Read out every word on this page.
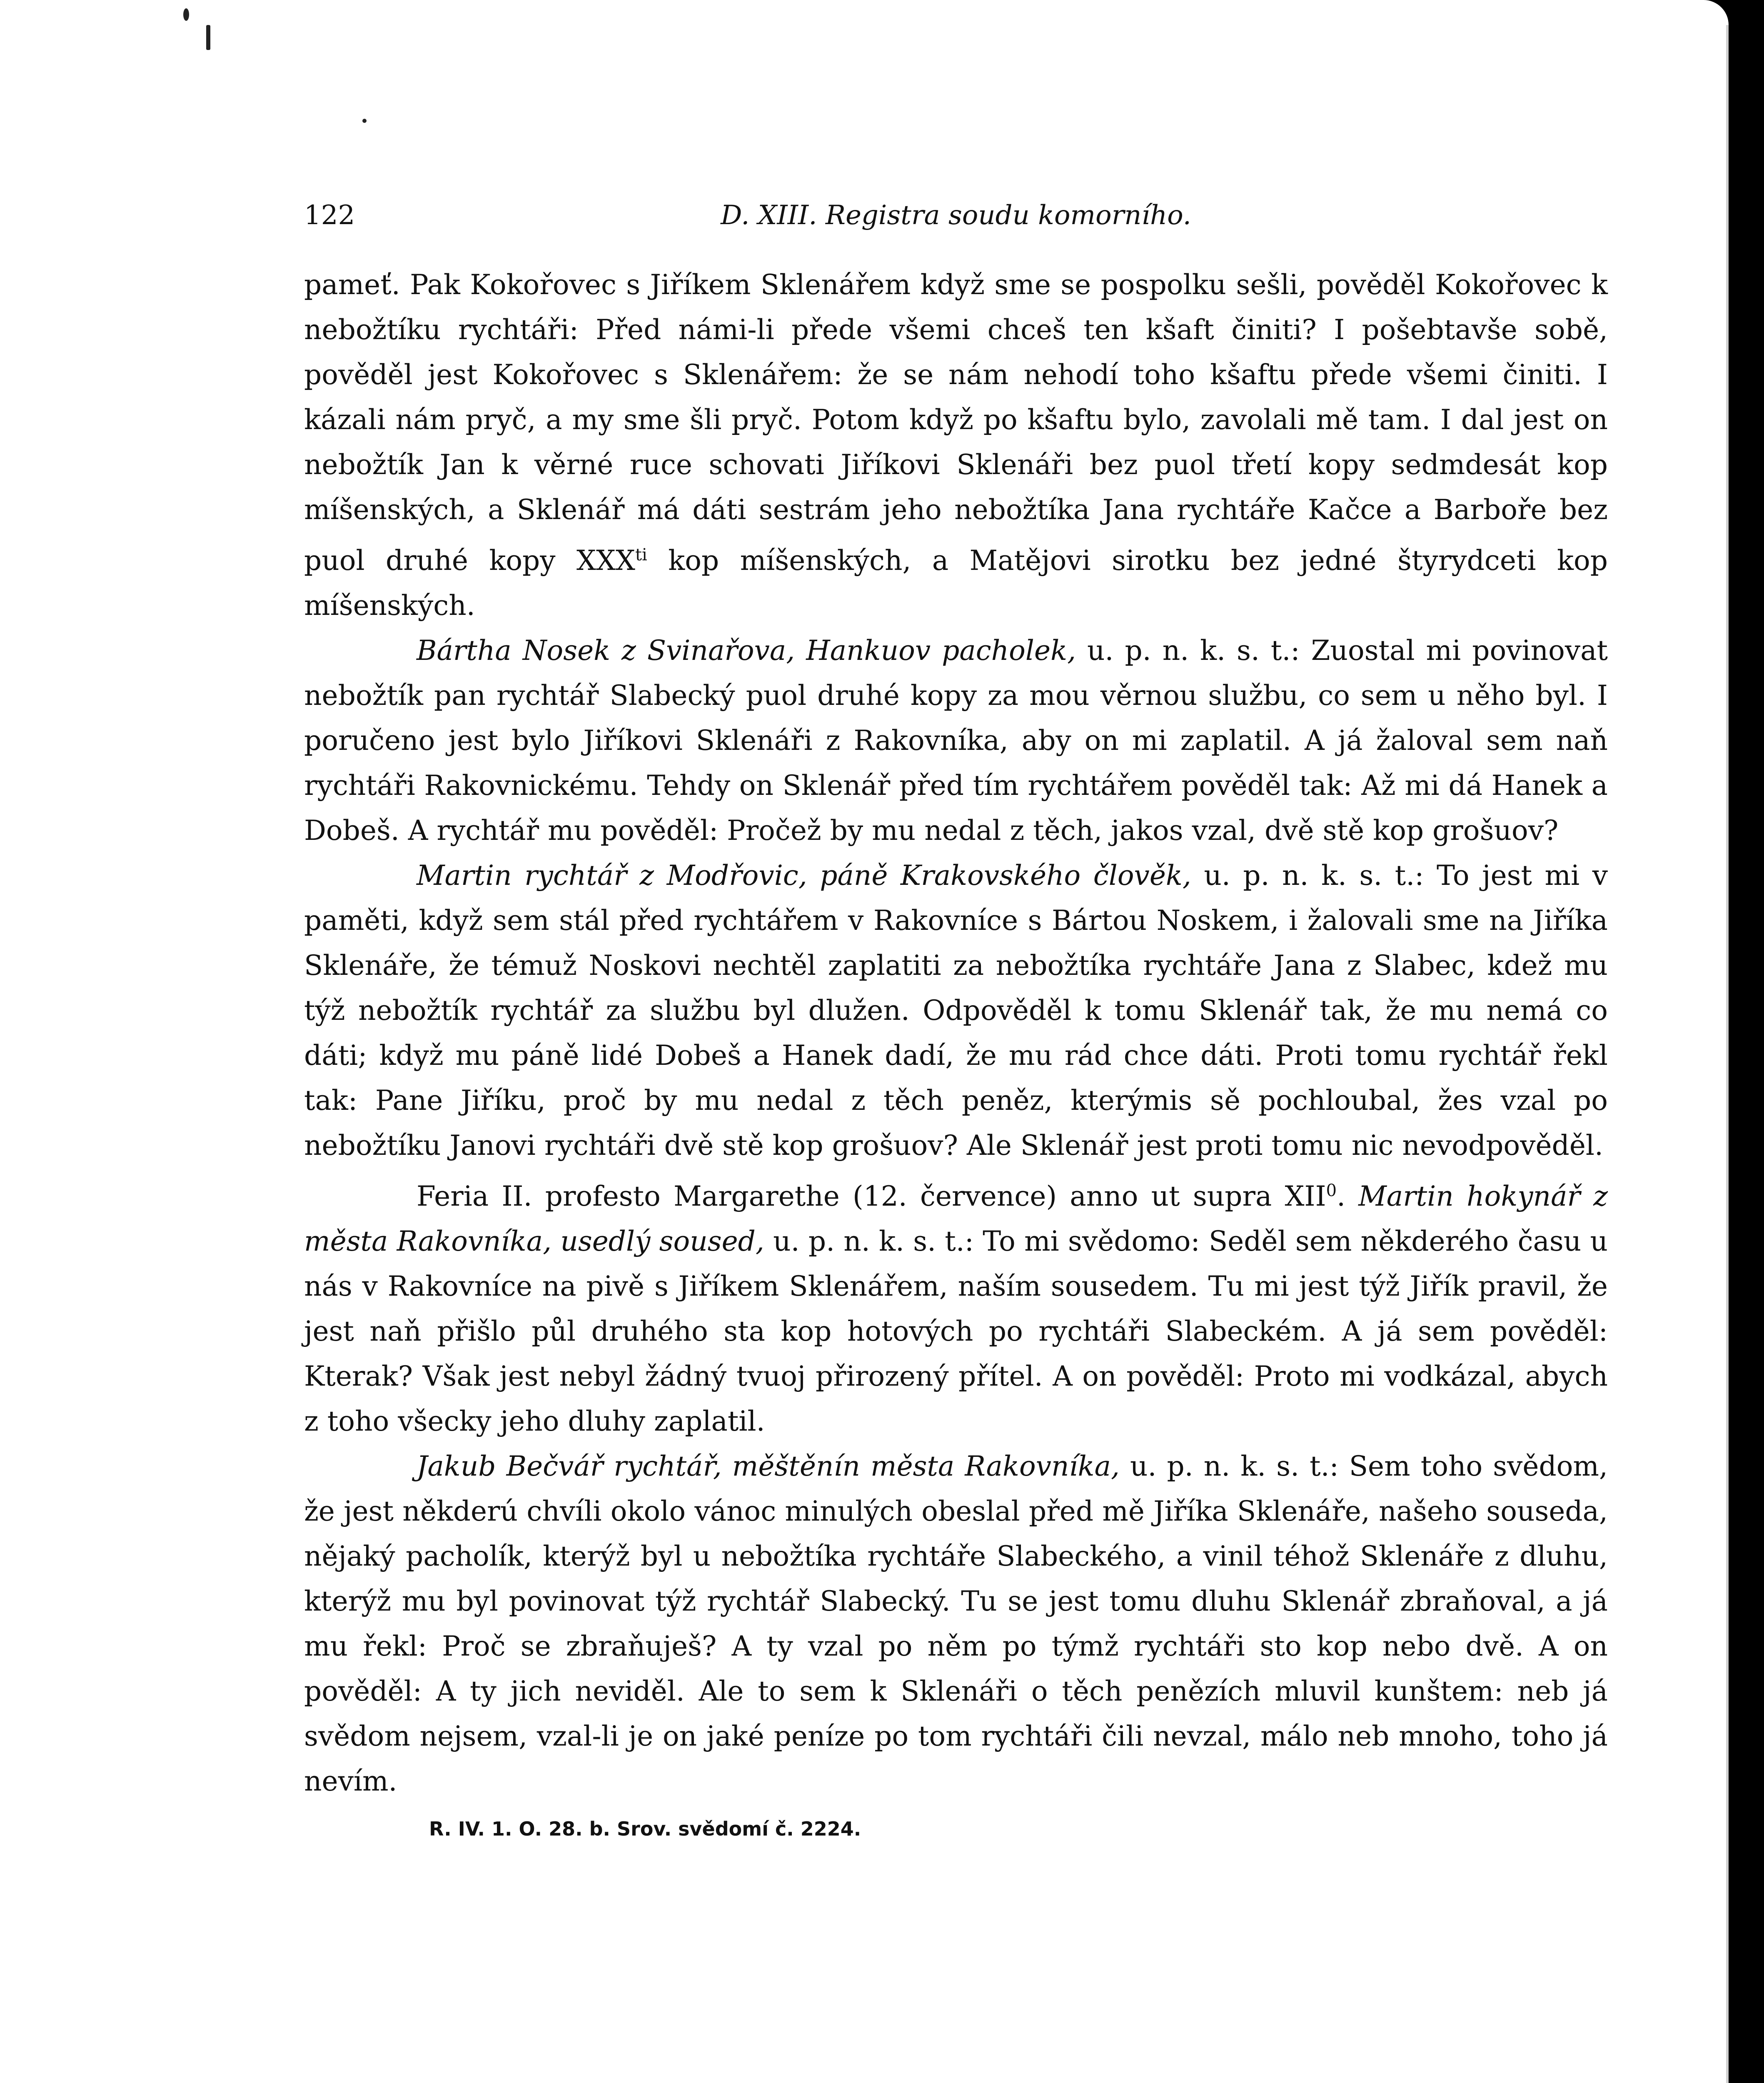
122	D. XIII. Registra soudu komorního.

pameť. Pak Kokořovec s Jiříkem Sklenářem když sme se pospolku sešli, pověděl Kokořovec k nebožtíku rychtáři: Před námi-li přede všemi chceš ten kšaft činiti? I pošebtavše sobě, pověděl jest Kokořovec s Sklenářem: že se nám nehodí toho kšaftu přede všemi činiti. I kázali nám pryč, a my sme šli pryč. Potom když po kšaftu bylo, zavolali mě tam. I dal jest on nebožtík Jan k věrné ruce schovati Jiříkovi Sklenáři bez puol třetí kopy sedmdesát kop míšenských, a Sklenář má dáti sestrám jeho nebožtíka Jana rychtáře Kačce a Barboře bez puol druhé kopy $XXX^{ti}$ kop míšenských, a Matějovi sirotku bez jedné štyrydceti kop míšenských.

Bártha Nosek z Svinařova, Hankuov pacholek, u. p. n. k. s. t.: Zuostal mi povinovat nebožtík pan rychtář Slabecký puol druhé kopy za mou věrnou službu, co sem u něho byl. I poručeno jest bylo Jiříkovi Sklenáři z Rakovníka, aby on mi zaplatil. A já žaloval sem naň rychtáři Rakovnickému. Tehdy on Sklenář před tím rychtářem pověděl tak: Až mi dá Hanek a Dobeš. A rychtář mu pověděl: Pročež by mu nedal z těch, jakos vzal, dvě stě kop grošuov?

Martin rychtář z Modřovic, páně Krakovského člověk, u. p. n. k. s. t.: To jest mi v paměti, když sem stál před rychtářem v Rakovníce s Bártou Noskem, i žalovali sme na Jiříka Sklenáře, že témuž Noskovi nechtěl zaplatiti za nebožtíka rychtáře Jana z Slabec, kdež mu týž nebožtík rychtář za službu byl dlužen. Odpověděl k tomu Sklenář tak, že mu nemá co dáti; když mu páně lidé Dobeš a Hanek dadí, že mu rád chce dáti. Proti tomu rychtář řekl tak: Pane Jiříku, proč by mu nedal z těch peněz, kterýmis sě pochloubal, žes vzal po nebožtíku Janovi rychtáři dvě stě kop grošuov? Ale Sklenář jest proti tomu nic nevodpověděl.

Feria II. profesto Margarethe (12. července) anno ut supra XII$^0$. Martin hokynář z města Rakovníka, usedlý soused, u. p. n. k. s. t.: To mi svědomo: Seděl sem někderého času u nás v Rakovníce na pivě s Jiříkem Sklenářem, naším sousedem. Tu mi jest týž Jiřík pravil, že jest naň přišlo půl druhého sta kop hotových po rychtáři Slabeckém. A já sem pověděl: Kterak? Však jest nebyl žádný tvuoj přirozený přítel. A on pověděl: Proto mi vodkázal, abych z toho všecky jeho dluhy zaplatil.

Jakub Bečvář rychtář, měštěnín města Rakovníka, u. p. n. k. s. t.: Sem toho svědom, že jest někderú chvíli okolo vánoc minulých obeslal před mě Jiříka Sklenáře, našeho souseda, nějaký pacholík, kterýž byl u nebožtíka rychtáře Slabeckého, a vinil téhož Sklenáře z dluhu, kterýž mu byl povinovat týž rychtář Slabecký. Tu se jest tomu dluhu Sklenář zbraňoval, a já mu řekl: Proč se zbraňuješ? A ty vzal po něm po týmž rychtáři sto kop nebo dvě. A on pověděl: A ty jich neviděl. Ale to sem k Sklenáři o těch penězích mluvil kunštem: neb já svědom nejsem, vzal-li je on jaké peníze po tom rychtáři čili nevzal, málo neb mnoho, toho já nevím.

R. IV. 1. O. 28. b. Srov. svědomí č. 2224.
